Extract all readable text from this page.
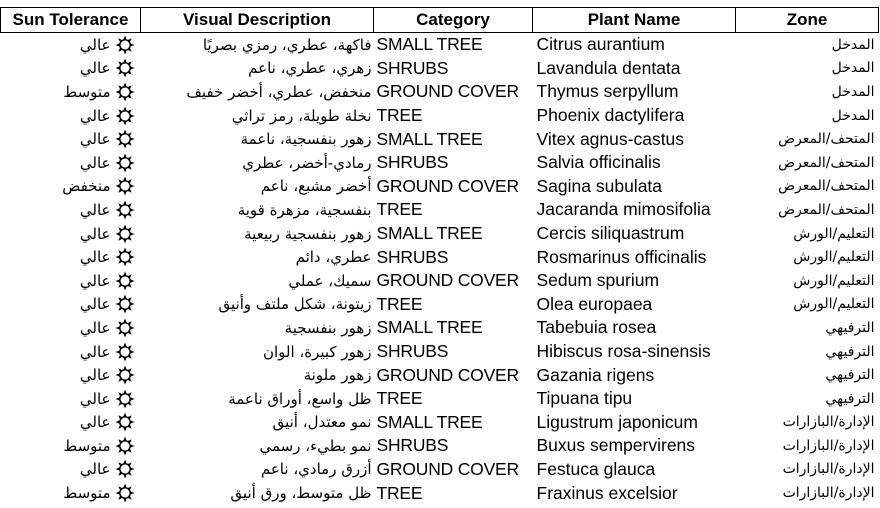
Sun Tolerance	Visual Description	Category	Plant Name	Zone
عالي	فاكهة، عطري، رمزي بصريًا	SMALL TREE	Citrus aurantium	المدخل
عالي	زهري، عطري، ناعم	SHRUBS	Lavandula dentata	المدخل
متوسط	منخفض، عطري، أخضر خفيف	GROUND COVER	Thymus serpyllum	المدخل
عالي	نخلة طويلة، رمز تراثي	TREE	Phoenix dactylifera	المدخل
عالي	زهور بنفسجية، ناعمة	SMALL TREE	Vitex agnus-castus	المتحف/المعرض
عالي	رمادي-أخضر، عطري	SHRUBS	Salvia officinalis	المتحف/المعرض
منخفض	أخضر مشبع، ناعم	GROUND COVER	Sagina subulata	المتحف/المعرض
عالي	بنفسجية، مزهرة قوية	TREE	Jacaranda mimosifolia	المتحف/المعرض
عالي	زهور بنفسجية ربيعية	SMALL TREE	Cercis siliquastrum	التعليم/الورش
عالي	عطري، دائم	SHRUBS	Rosmarinus officinalis	التعليم/الورش
عالي	سميك، عملي	GROUND COVER	Sedum spurium	التعليم/الورش
عالي	زيتونة، شكل ملتف وأنيق	TREE	Olea europaea	التعليم/الورش
عالي	زهور بنفسجية	SMALL TREE	Tabebuia rosea	الترفيهي
عالي	زهور كبيرة، الوان	SHRUBS	Hibiscus rosa-sinensis	الترفيهي
عالي	زهور ملونة	GROUND COVER	Gazania rigens	الترفيهي
عالي	ظل واسع، أوراق ناعمة	TREE	Tipuana tipu	الترفيهي
عالي	نمو معتدل، أنيق	SMALL TREE	Ligustrum japonicum	الإدارة/البازارات
متوسط	نمو بطيء، رسمي	SHRUBS	Buxus sempervirens	الإدارة/البازارات
عالي	أزرق رمادي، ناعم	GROUND COVER	Festuca glauca	الإدارة/البازارات
متوسط	ظل متوسط، ورق أنيق	TREE	Fraxinus excelsior	الإدارة/البازارات
